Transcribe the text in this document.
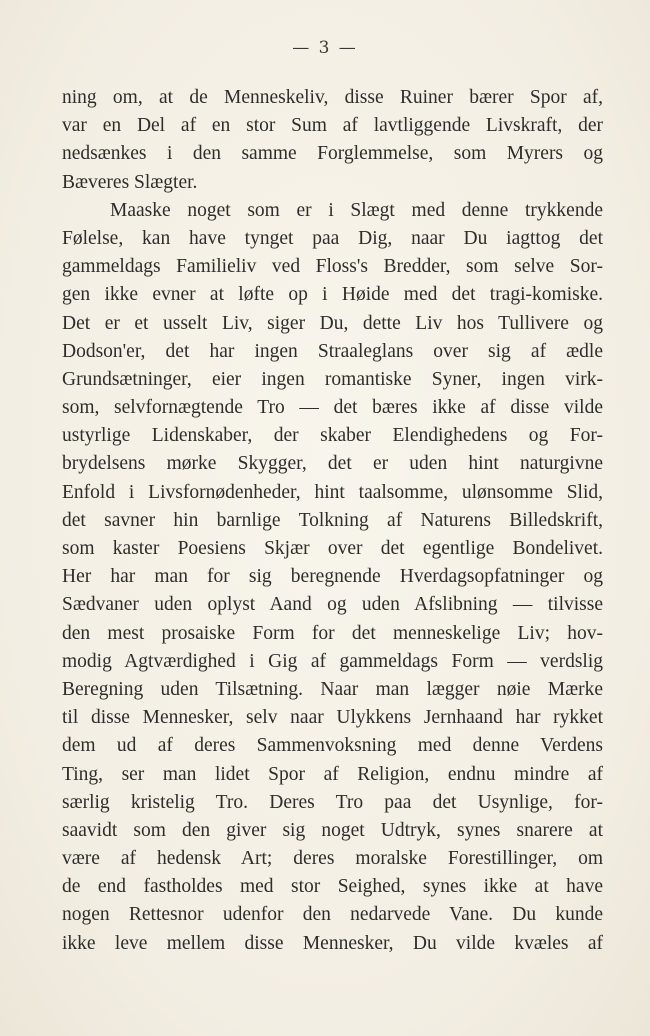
— 3 —
ning om, at de Menneskeliv, disse Ruiner bærer Spor af,
var en Del af en stor Sum af lavtliggende Livskraft, der
nedsænkes i den samme Forglemmelse, som Myrers og
Bæveres Slægter.
Maaske noget som er i Slægt med denne trykkende
Følelse, kan have tynget paa Dig, naar Du iagttog det
gammeldags Familieliv ved Floss's Bredder, som selve Sor-
gen ikke evner at løfte op i Høide med det tragi-komiske.
Det er et usselt Liv, siger Du, dette Liv hos Tullivere og
Dodson'er, det har ingen Straaleglans over sig af ædle
Grundsætninger, eier ingen romantiske Syner, ingen virk-
som, selvfornægtende Tro — det bæres ikke af disse vilde
ustyrlige Lidenskaber, der skaber Elendighedens og For-
brydelsens mørke Skygger, det er uden hint naturgivne
Enfold i Livsfornødenheder, hint taalsomme, ulønsomme Slid,
det savner hin barnlige Tolkning af Naturens Billedskrift,
som kaster Poesiens Skjær over det egentlige Bondelivet.
Her har man for sig beregnende Hverdagsopfatninger og
Sædvaner uden oplyst Aand og uden Afslibning — tilvisse
den mest prosaiske Form for det menneskelige Liv; hov-
modig Agtværdighed i Gig af gammeldags Form — verdslig
Beregning uden Tilsætning. Naar man lægger nøie Mærke
til disse Mennesker, selv naar Ulykkens Jernhaand har rykket
dem ud af deres Sammenvoksning med denne Verdens
Ting, ser man lidet Spor af Religion, endnu mindre af
særlig kristelig Tro. Deres Tro paa det Usynlige, for-
saavidt som den giver sig noget Udtryk, synes snarere at
være af hedensk Art; deres moralske Forestillinger, om
de end fastholdes med stor Seighed, synes ikke at have
nogen Rettesnor udenfor den nedarvede Vane. Du kunde
ikke leve mellem disse Mennesker, Du vilde kvæles af
